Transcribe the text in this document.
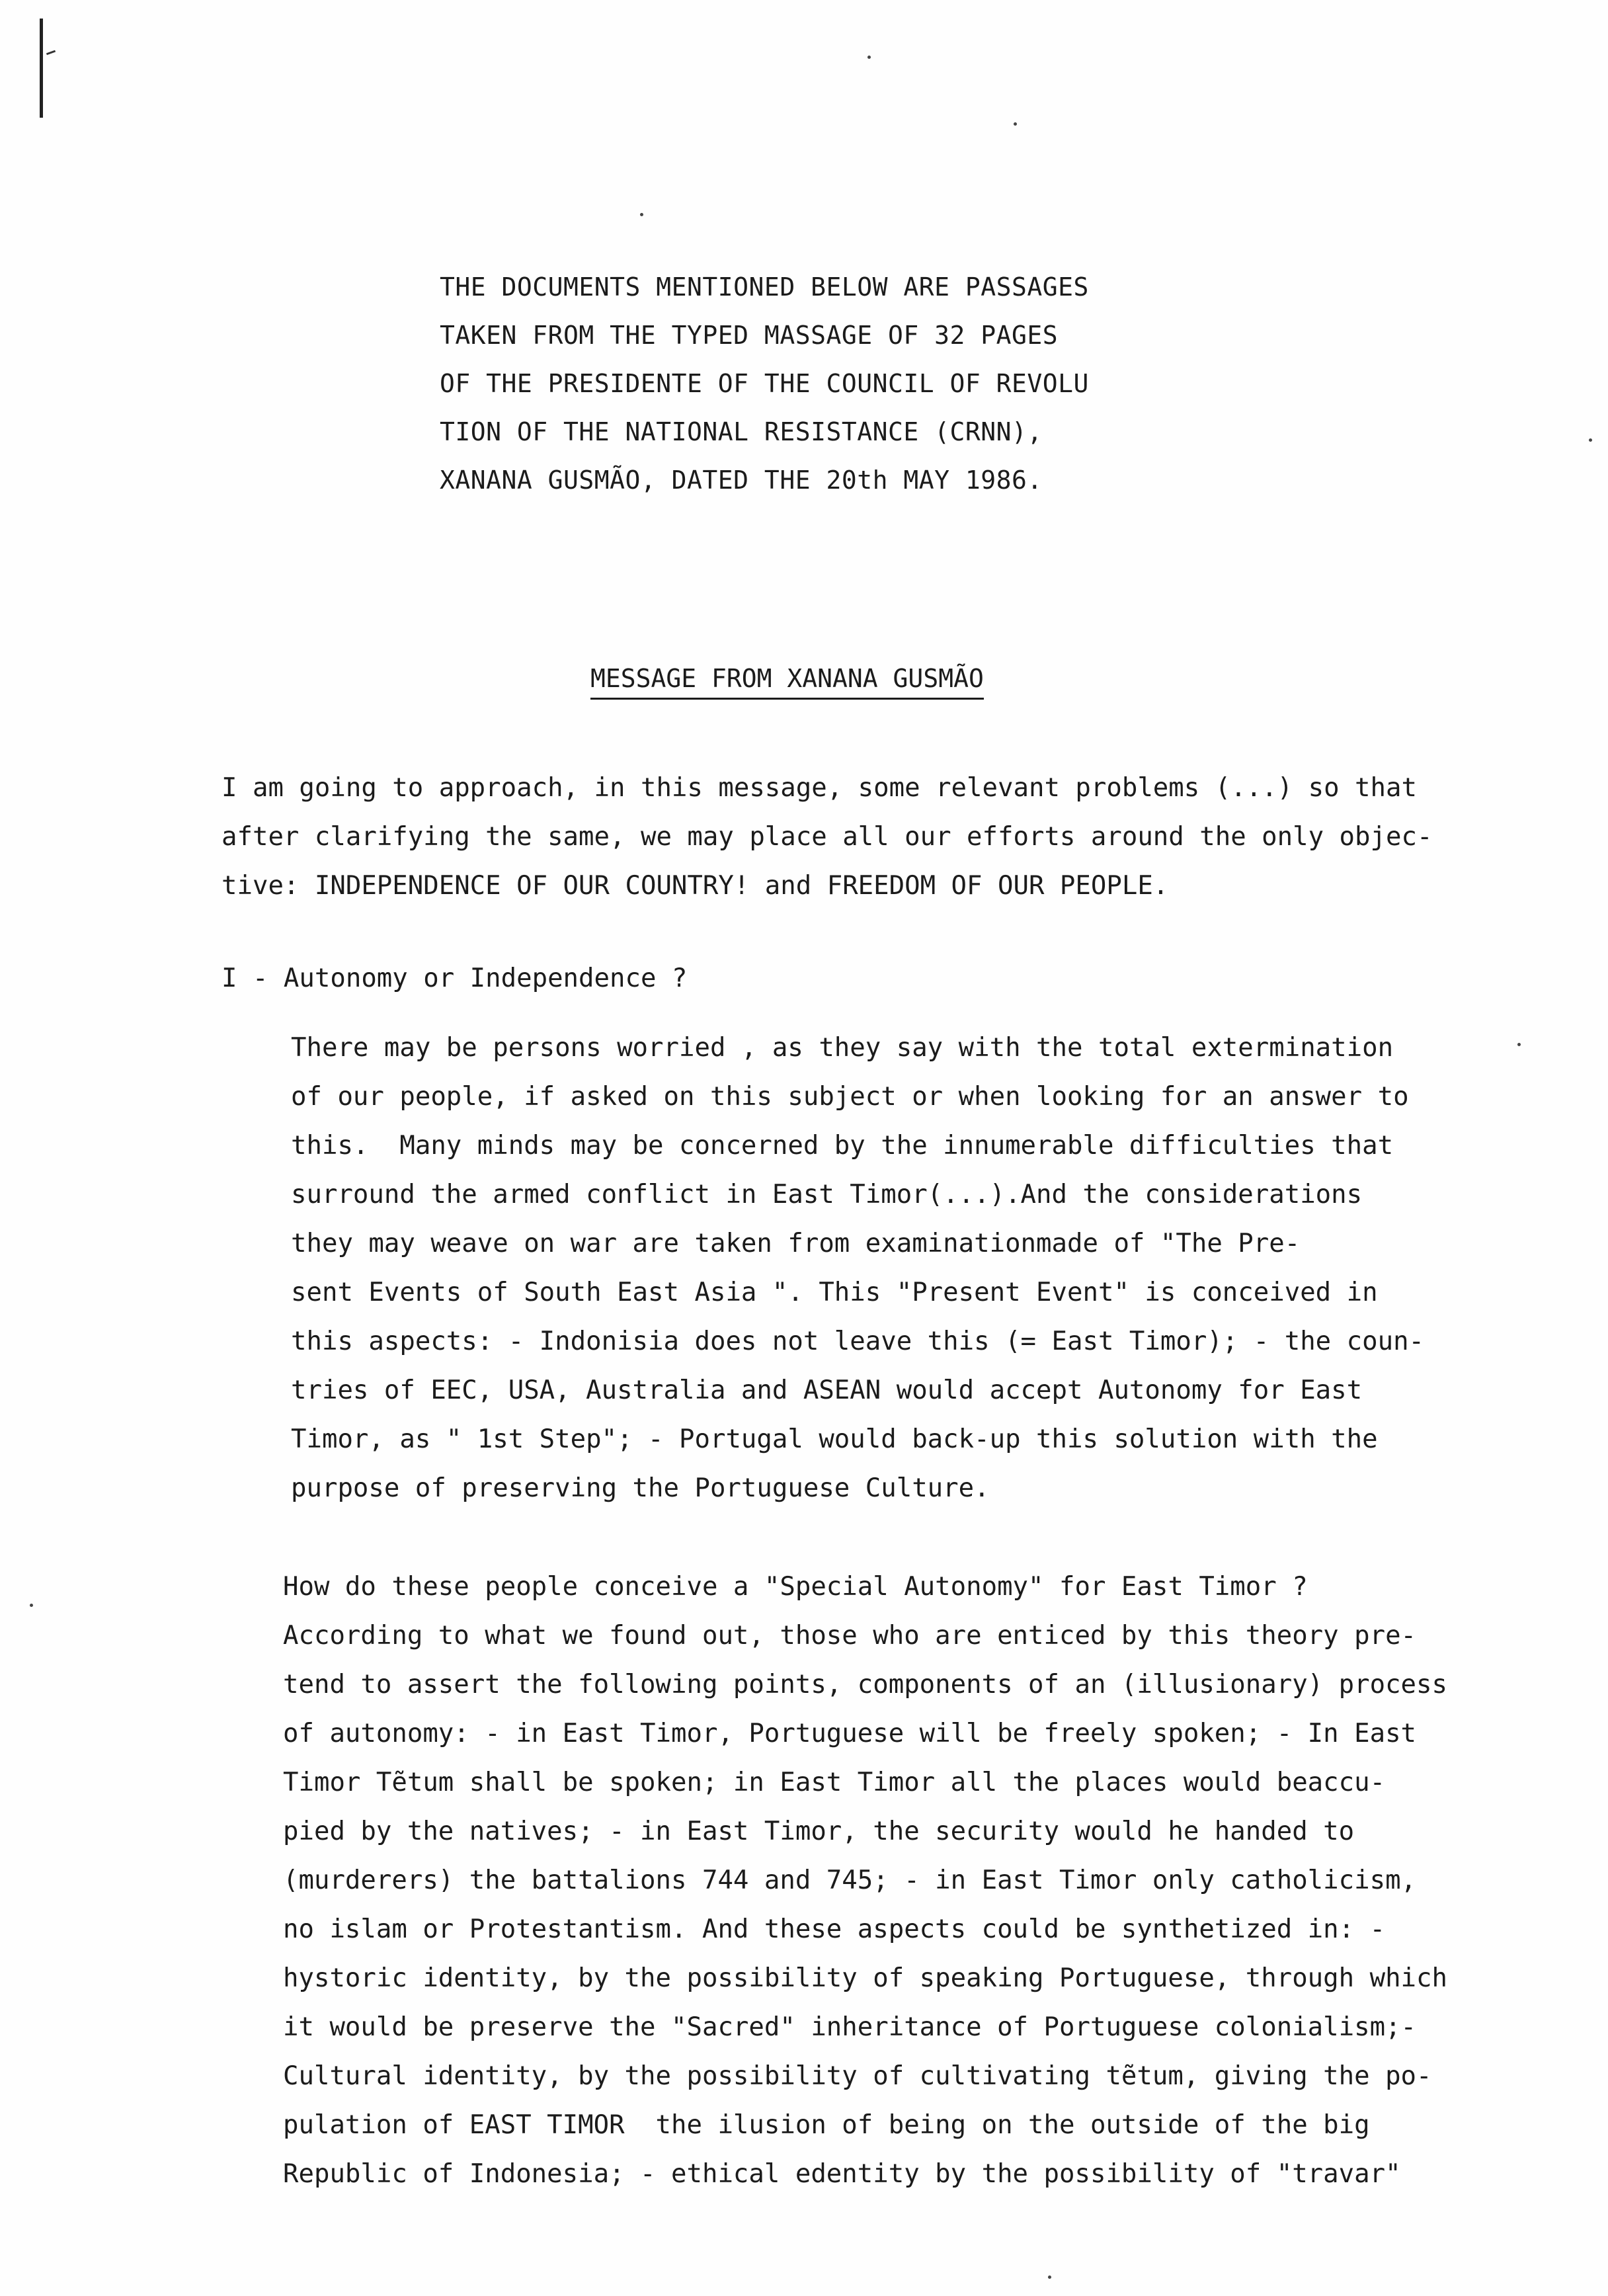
THE DOCUMENTS MENTIONED BELOW ARE PASSAGES
TAKEN FROM THE TYPED MASSAGE OF 32 PAGES
OF THE PRESIDENTE OF THE COUNCIL OF REVOLU
TION OF THE NATIONAL RESISTANCE (CRNN),
XANANA GUSMÃO, DATED THE 20th MAY 1986.
MESSAGE FROM XANANA GUSMÃO
I am going to approach, in this message, some relevant problems (...) so that
after clarifying the same, we may place all our efforts around the only objec-
tive: INDEPENDENCE OF OUR COUNTRY! and FREEDOM OF OUR PEOPLE.
I - Autonomy or Independence ?
There may be persons worried , as they say with the total extermination
of our people, if asked on this subject or when looking for an answer to
this.  Many minds may be concerned by the innumerable difficulties that
surround the armed conflict in East Timor(...).And the considerations
they may weave on war are taken from examinationmade of "The Pre-
sent Events of South East Asia ". This "Present Event" is conceived in
this aspects: - Indonisia does not leave this (= East Timor); - the coun-
tries of EEC, USA, Australia and ASEAN would accept Autonomy for East
Timor, as " 1st Step"; - Portugal would back-up this solution with the
purpose of preserving the Portuguese Culture.
How do these people conceive a "Special Autonomy" for East Timor ?
According to what we found out, those who are enticed by this theory pre-
tend to assert the following points, components of an (illusionary) process
of autonomy: - in East Timor, Portuguese will be freely spoken; - In East
Timor Tẽtum shall be spoken; in East Timor all the places would beaccu-
pied by the natives; - in East Timor, the security would he handed to
(murderers) the battalions 744 and 745; - in East Timor only catholicism,
no islam or Protestantism. And these aspects could be synthetized in: -
hystoric identity, by the possibility of speaking Portuguese, through which
it would be preserve the "Sacred" inheritance of Portuguese colonialism;-
Cultural identity, by the possibility of cultivating tẽtum, giving the po-
pulation of EAST TIMOR  the ilusion of being on the outside of the big
Republic of Indonesia; - ethical edentity by the possibility of "travar"
